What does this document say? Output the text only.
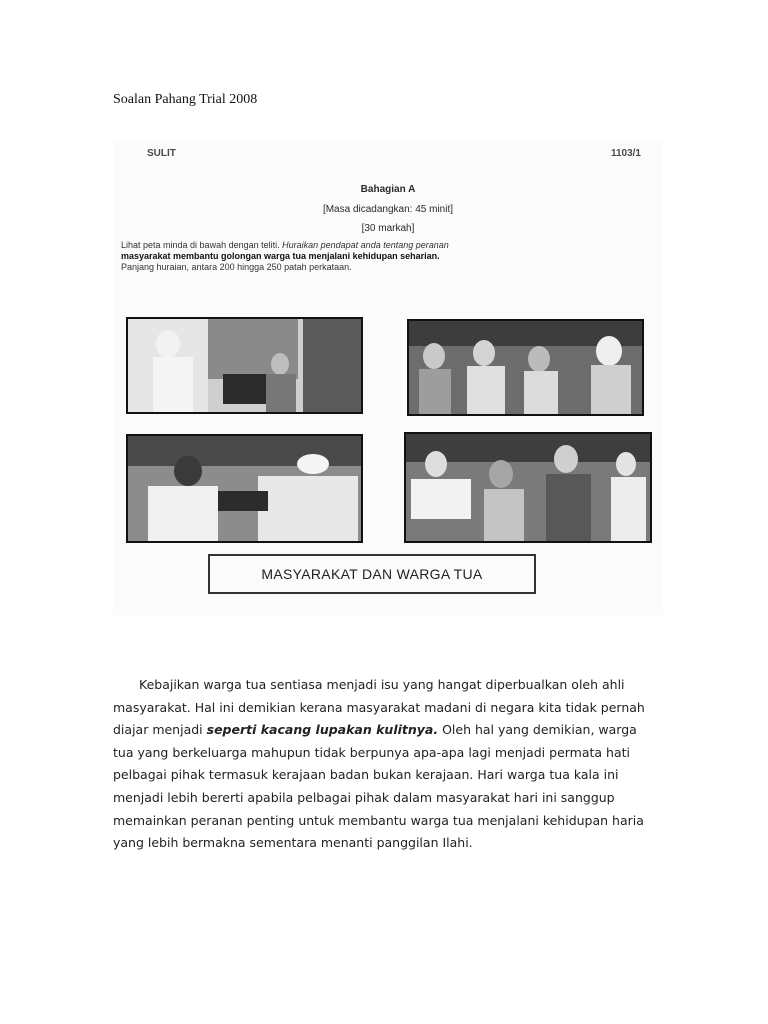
Soalan Pahang Trial 2008
SULIT	1103/1
Bahagian A
[Masa dicadangkan: 45 minit]
[30 markah]
Lihat peta minda di bawah dengan teliti. Huraikan pendapat anda tentang peranan
masyarakat membantu golongan warga tua menjalani kehidupan seharian.
Panjang huraian, antara 200 hingga 250 patah perkataan.
MASYARAKAT DAN WARGA TUA
Kebajikan warga tua sentiasa menjadi isu yang hangat diperbualkan oleh ahli masyarakat. Hal ini demikian kerana masyarakat madani di negara kita tidak pernah diajar menjadi seperti kacang lupakan kulitnya. Oleh hal yang demikian, warga tua yang berkeluarga mahupun tidak berpunya apa-apa lagi menjadi permata hati pelbagai pihak termasuk kerajaan badan bukan kerajaan. Hari warga tua kala ini menjadi lebih bererti apabila pelbagai pihak dalam masyarakat hari ini sanggup memainkan peranan penting untuk membantu warga tua menjalani kehidupan haria yang lebih bermakna sementara menanti panggilan Ilahi.
